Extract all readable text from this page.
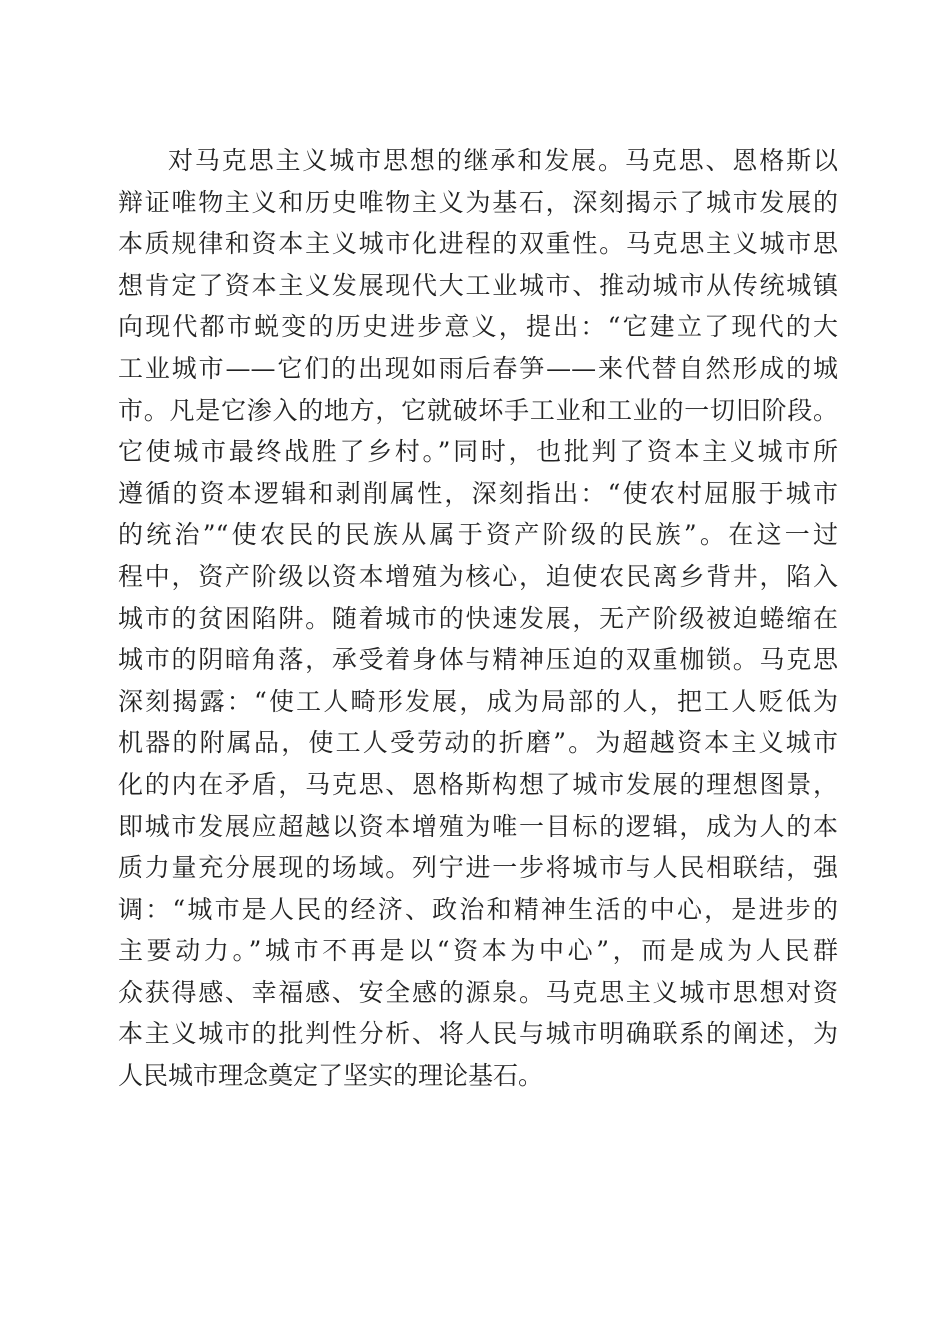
对马克思主义城市思想的继承和发展。马克思、恩格斯以
辩证唯物主义和历史唯物主义为基石，深刻揭示了城市发展的
本质规律和资本主义城市化进程的双重性。马克思主义城市思
想肯定了资本主义发展现代大工业城市、推动城市从传统城镇
向现代都市蜕变的历史进步意义，提出：“它建立了现代的大
工业城市——它们的出现如雨后春笋——来代替自然形成的城
市。凡是它渗入的地方，它就破坏手工业和工业的一切旧阶段。
它使城市最终战胜了乡村。”同时，也批判了资本主义城市所
遵循的资本逻辑和剥削属性，深刻指出：“使农村屈服于城市
的统治”“使农民的民族从属于资产阶级的民族”。在这一过
程中，资产阶级以资本增殖为核心，迫使农民离乡背井，陷入
城市的贫困陷阱。随着城市的快速发展，无产阶级被迫蜷缩在
城市的阴暗角落，承受着身体与精神压迫的双重枷锁。马克思
深刻揭露：“使工人畸形发展，成为局部的人，把工人贬低为
机器的附属品，使工人受劳动的折磨”。为超越资本主义城市
化的内在矛盾，马克思、恩格斯构想了城市发展的理想图景，
即城市发展应超越以资本增殖为唯一目标的逻辑，成为人的本
质力量充分展现的场域。列宁进一步将城市与人民相联结，强
调：“城市是人民的经济、政治和精神生活的中心，是进步的
主要动力。”城市不再是以“资本为中心”，而是成为人民群
众获得感、幸福感、安全感的源泉。马克思主义城市思想对资
本主义城市的批判性分析、将人民与城市明确联系的阐述，为
人民城市理念奠定了坚实的理论基石。
